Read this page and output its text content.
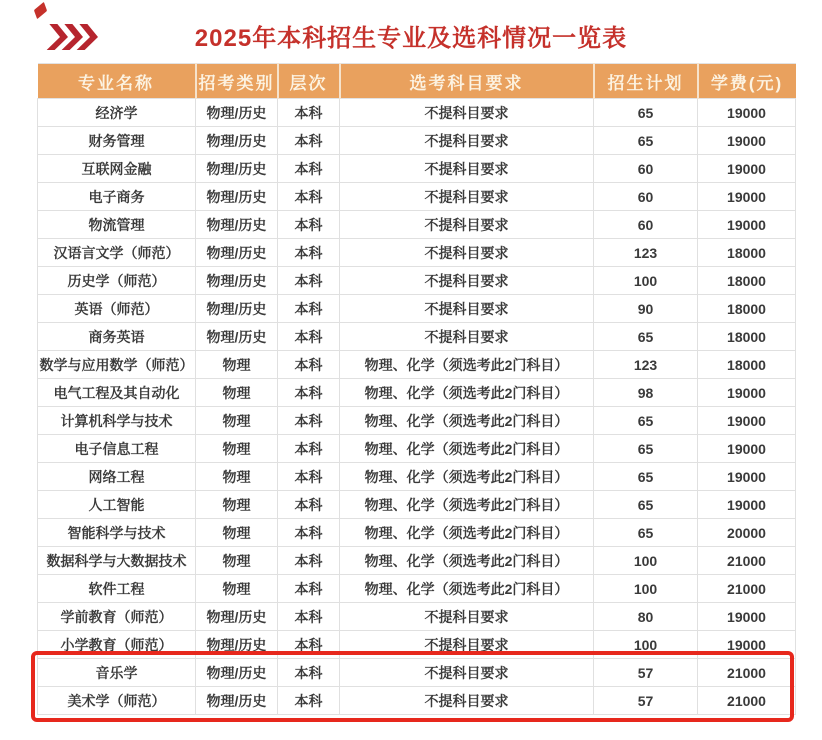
2025年本科招生专业及选科情况一览表
专业名称	招考类别	层次	选考科目要求	招生计划	学费(元)
经济学	物理/历史	本科	不提科目要求	65	19000
财务管理	物理/历史	本科	不提科目要求	65	19000
互联网金融	物理/历史	本科	不提科目要求	60	19000
电子商务	物理/历史	本科	不提科目要求	60	19000
物流管理	物理/历史	本科	不提科目要求	60	19000
汉语言文学（师范）	物理/历史	本科	不提科目要求	123	18000
历史学（师范）	物理/历史	本科	不提科目要求	100	18000
英语（师范）	物理/历史	本科	不提科目要求	90	18000
商务英语	物理/历史	本科	不提科目要求	65	18000
数学与应用数学（师范）	物理	本科	物理、化学（须选考此2门科目）	123	18000
电气工程及其自动化	物理	本科	物理、化学（须选考此2门科目）	98	19000
计算机科学与技术	物理	本科	物理、化学（须选考此2门科目）	65	19000
电子信息工程	物理	本科	物理、化学（须选考此2门科目）	65	19000
网络工程	物理	本科	物理、化学（须选考此2门科目）	65	19000
人工智能	物理	本科	物理、化学（须选考此2门科目）	65	19000
智能科学与技术	物理	本科	物理、化学（须选考此2门科目）	65	20000
数据科学与大数据技术	物理	本科	物理、化学（须选考此2门科目）	100	21000
软件工程	物理	本科	物理、化学（须选考此2门科目）	100	21000
学前教育（师范）	物理/历史	本科	不提科目要求	80	19000
小学教育（师范）	物理/历史	本科	不提科目要求	100	19000
音乐学	物理/历史	本科	不提科目要求	57	21000
美术学（师范）	物理/历史	本科	不提科目要求	57	21000
